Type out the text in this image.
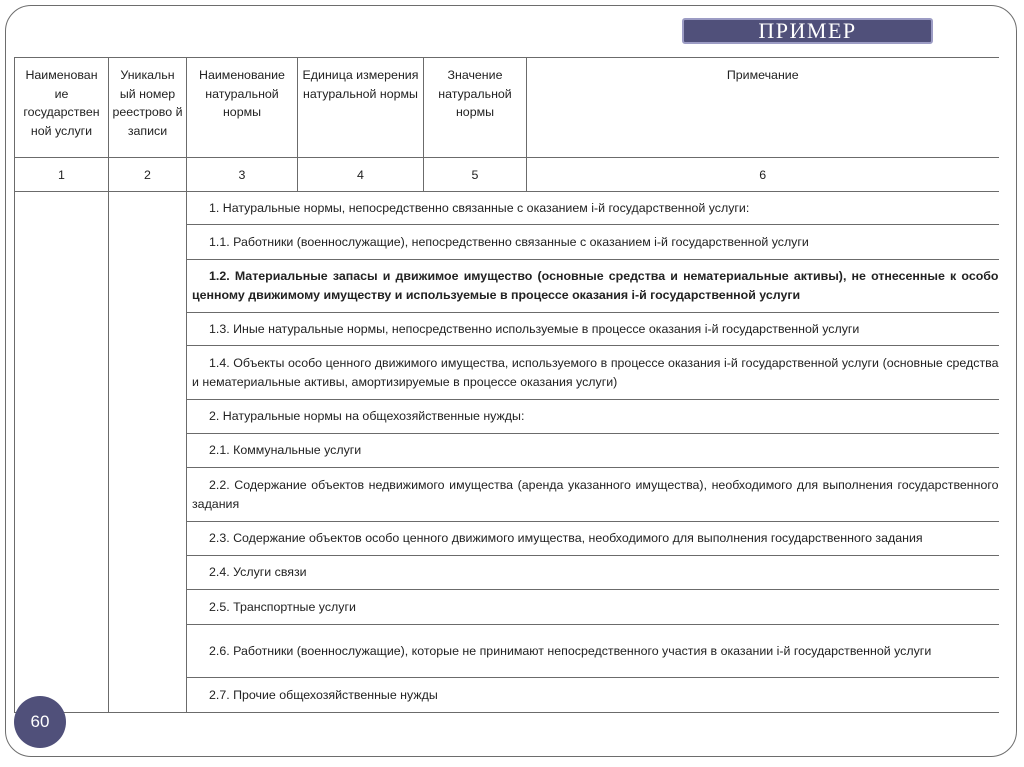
ПРИМЕР
Наименован ие государствен ной услуги	Уникальн ый номер реестрово й записи	Наименование натуральной нормы	Единица измерения натуральной нормы	Значение натуральной нормы	Примечание
1	2	3	4	5	6
		1. Натуральные нормы, непосредственно связанные с оказанием i-й государственной услуги:			
		1.1. Работники (военнослужащие), непосредственно связанные с оказанием i-й государственной услуги			
		1.2. Материальные запасы и движимое имущество (основные средства и нематериальные активы), не отнесенные к особо ценному движимому имуществу и используемые в процессе оказания i-й государственной услуги			
		1.3. Иные натуральные нормы, непосредственно используемые в процессе оказания i-й государственной услуги			
		1.4. Объекты особо ценного движимого имущества, используемого в процессе оказания i-й государственной услуги (основные средства и нематериальные активы, амортизируемые в процессе оказания услуги)			
		2. Натуральные нормы на общехозяйственные нужды:			
		2.1. Коммунальные услуги			
		2.2. Содержание объектов недвижимого имущества (аренда указанного имущества), необходимого для выполнения государственного задания			
		2.3. Содержание объектов особо ценного движимого имущества, необходимого для выполнения государственного задания			
		2.4. Услуги связи			
		2.5. Транспортные услуги			
		2.6. Работники (военнослужащие), которые не принимают непосредственного участия в оказании i-й государственной услуги			
		2.7. Прочие общехозяйственные нужды			
60
